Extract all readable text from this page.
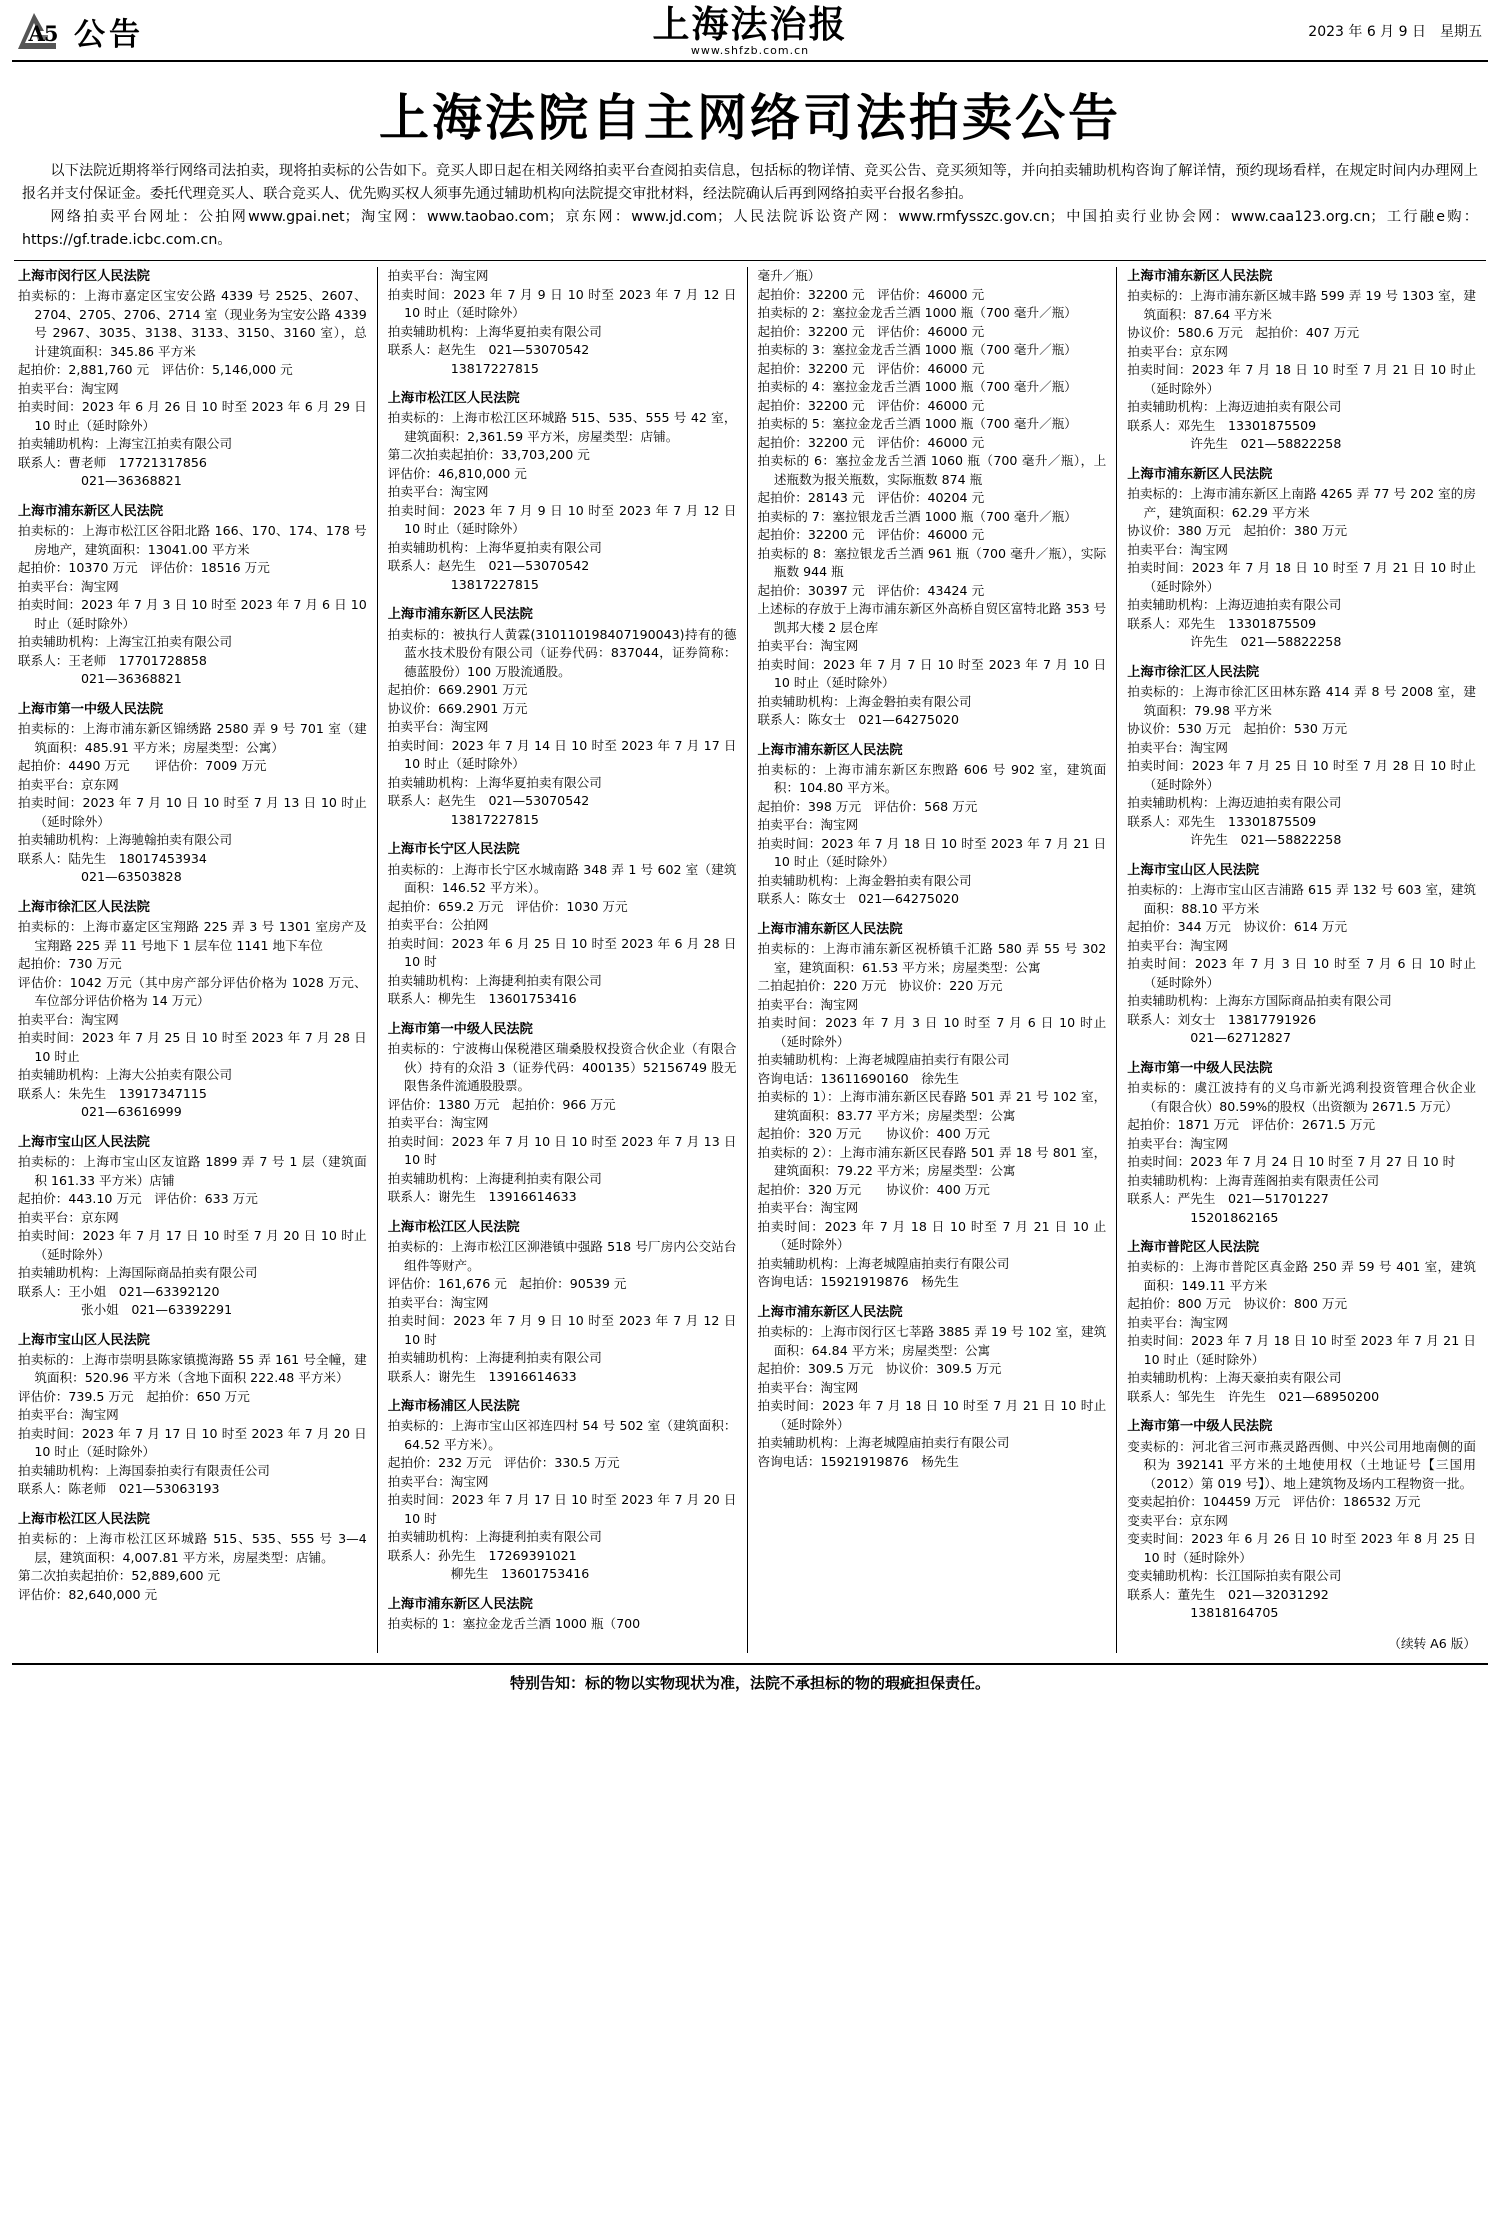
A5 公告	上海法治报
www.shfzb.com.cn
2023 年 6 月 9 日　星期五
上海法院自主网络司法拍卖公告

以下法院近期将举行网络司法拍卖，现将拍卖标的公告如下。竞买人即日起在相关网络拍卖平台查阅拍卖信息，包括标的物详情、竞买公告、竞买须知等，并向拍卖辅助机构咨询了解详情，预约现场看样，在规定时间内办理网上报名并支付保证金。委托代理竞买人、联合竞买人、优先购买权人须事先通过辅助机构向法院提交审批材料，经法院确认后再到网络拍卖平台报名参拍。

网络拍卖平台网址：公拍网www.gpai.net；淘宝网：www.taobao.com；京东网：www.jd.com；人民法院诉讼资产网：www.rmfysszc.gov.cn；中国拍卖行业协会网：www.caa123.org.cn；工行融e购：https://gf.trade.icbc.com.cn。

上海市闵行区人民法院

拍卖标的：上海市嘉定区宝安公路 4339 号 2525、2607、2704、2705、2706、2714 室（现业务为宝安公路 4339 号 2967、3035、3138、3133、3150、3160 室），总计建筑面积：345.86 平方米

起拍价：2,881,760 元　评估价：5,146,000 元

拍卖平台：淘宝网

拍卖时间：2023 年 6 月 26 日 10 时至 2023 年 6 月 29 日 10 时止（延时除外）

拍卖辅助机构：上海宝江拍卖有限公司

联系人：曹老师　17721317856

　　　　　021—36368821

上海市浦东新区人民法院

拍卖标的：上海市松江区谷阳北路 166、170、174、178 号房地产，建筑面积：13041.00 平方米

起拍价：10370 万元　评估价：18516 万元

拍卖平台：淘宝网

拍卖时间：2023 年 7 月 3 日 10 时至 2023 年 7 月 6 日 10 时止（延时除外）

拍卖辅助机构：上海宝江拍卖有限公司

联系人：王老师　17701728858

　　　　　021—36368821

上海市第一中级人民法院

拍卖标的：上海市浦东新区锦绣路 2580 弄 9 号 701 室（建筑面积：485.91 平方米；房屋类型：公寓）

起拍价：4490 万元　　评估价：7009 万元

拍卖平台：京东网

拍卖时间：2023 年 7 月 10 日 10 时至 7 月 13 日 10 时止（延时除外）

拍卖辅助机构：上海驰翰拍卖有限公司

联系人：陆先生　18017453934

　　　　　021—63503828

上海市徐汇区人民法院

拍卖标的：上海市嘉定区宝翔路 225 弄 3 号 1301 室房产及宝翔路 225 弄 11 号地下 1 层车位 1141 地下车位

起拍价：730 万元

评估价：1042 万元（其中房产部分评估价格为 1028 万元、车位部分评估价格为 14 万元）

拍卖平台：淘宝网

拍卖时间：2023 年 7 月 25 日 10 时至 2023 年 7 月 28 日 10 时止

拍卖辅助机构：上海大公拍卖有限公司

联系人：朱先生　13917347115

　　　　　021—63616999

上海市宝山区人民法院

拍卖标的：上海市宝山区友谊路 1899 弄 7 号 1 层（建筑面积 161.33 平方米）店铺

起拍价：443.10 万元　评估价：633 万元

拍卖平台：京东网

拍卖时间：2023 年 7 月 17 日 10 时至 7 月 20 日 10 时止（延时除外）

拍卖辅助机构：上海国际商品拍卖有限公司

联系人：王小姐　021—63392120

　　　　　张小姐　021—63392291

上海市宝山区人民法院

拍卖标的：上海市崇明县陈家镇揽海路 55 弄 161 号全幢，建筑面积：520.96 平方米（含地下面积 222.48 平方米）

评估价：739.5 万元　起拍价：650 万元

拍卖平台：淘宝网

拍卖时间：2023 年 7 月 17 日 10 时至 2023 年 7 月 20 日 10 时止（延时除外）

拍卖辅助机构：上海国泰拍卖行有限责任公司

联系人：陈老师　021—53063193

上海市松江区人民法院

拍卖标的：上海市松江区环城路 515、535、555 号 3—4 层，建筑面积：4,007.81 平方米，房屋类型：店铺。

第二次拍卖起拍价：52,889,600 元

评估价：82,640,000 元

拍卖平台：淘宝网

拍卖时间：2023 年 7 月 9 日 10 时至 2023 年 7 月 12 日 10 时止（延时除外）

拍卖辅助机构：上海华夏拍卖有限公司

联系人：赵先生　021—53070542

　　　　　13817227815

上海市松江区人民法院

拍卖标的：上海市松江区环城路 515、535、555 号 42 室，建筑面积：2,361.59 平方米，房屋类型：店铺。

第二次拍卖起拍价：33,703,200 元

评估价：46,810,000 元

拍卖平台：淘宝网

拍卖时间：2023 年 7 月 9 日 10 时至 2023 年 7 月 12 日 10 时止（延时除外）

拍卖辅助机构：上海华夏拍卖有限公司

联系人：赵先生　021—53070542

　　　　　13817227815

上海市浦东新区人民法院

拍卖标的：被执行人黄霖(310110198407190043)持有的德蓝水技术股份有限公司（证券代码：837044，证券简称：德蓝股份）100 万股流通股。

起拍价：669.2901 万元

协议价：669.2901 万元

拍卖平台：淘宝网

拍卖时间：2023 年 7 月 14 日 10 时至 2023 年 7 月 17 日 10 时止（延时除外）

拍卖辅助机构：上海华夏拍卖有限公司

联系人：赵先生　021—53070542

　　　　　13817227815

上海市长宁区人民法院

拍卖标的：上海市长宁区水城南路 348 弄 1 号 602 室（建筑面积：146.52 平方米）。

起拍价：659.2 万元　评估价：1030 万元

拍卖平台：公拍网

拍卖时间：2023 年 6 月 25 日 10 时至 2023 年 6 月 28 日 10 时

拍卖辅助机构：上海捷利拍卖有限公司

联系人：柳先生　13601753416

上海市第一中级人民法院

拍卖标的：宁波梅山保税港区瑞桑股权投资合伙企业（有限合伙）持有的众沿 3（证券代码：400135）52156749 股无限售条件流通股股票。

评估价：1380 万元　起拍价：966 万元

拍卖平台：淘宝网

拍卖时间：2023 年 7 月 10 日 10 时至 2023 年 7 月 13 日 10 时

拍卖辅助机构：上海捷利拍卖有限公司

联系人：谢先生　13916614633

上海市松江区人民法院

拍卖标的：上海市松江区泖港镇中强路 518 号厂房内公交站台组件等财产。

评估价：161,676 元　起拍价：90539 元

拍卖平台：淘宝网

拍卖时间：2023 年 7 月 9 日 10 时至 2023 年 7 月 12 日 10 时

拍卖辅助机构：上海捷利拍卖有限公司

联系人：谢先生　13916614633

上海市杨浦区人民法院

拍卖标的：上海市宝山区祁连四村 54 号 502 室（建筑面积：64.52 平方米）。

起拍价：232 万元　评估价：330.5 万元

拍卖平台：淘宝网

拍卖时间：2023 年 7 月 17 日 10 时至 2023 年 7 月 20 日 10 时

拍卖辅助机构：上海捷利拍卖有限公司

联系人：孙先生　17269391021

　　　　　柳先生　13601753416

上海市浦东新区人民法院

拍卖标的 1：塞拉金龙舌兰酒 1000 瓶（700

毫升／瓶）

起拍价：32200 元　评估价：46000 元

拍卖标的 2：塞拉金龙舌兰酒 1000 瓶（700 毫升／瓶）

起拍价：32200 元　评估价：46000 元

拍卖标的 3：塞拉金龙舌兰酒 1000 瓶（700 毫升／瓶）

起拍价：32200 元　评估价：46000 元

拍卖标的 4：塞拉金龙舌兰酒 1000 瓶（700 毫升／瓶）

起拍价：32200 元　评估价：46000 元

拍卖标的 5：塞拉金龙舌兰酒 1000 瓶（700 毫升／瓶）

起拍价：32200 元　评估价：46000 元

拍卖标的 6：塞拉金龙舌兰酒 1060 瓶（700 毫升／瓶），上述瓶数为报关瓶数，实际瓶数 874 瓶

起拍价：28143 元　评估价：40204 元

拍卖标的 7：塞拉银龙舌兰酒 1000 瓶（700 毫升／瓶）

起拍价：32200 元　评估价：46000 元

拍卖标的 8：塞拉银龙舌兰酒 961 瓶（700 毫升／瓶），实际瓶数 944 瓶

起拍价：30397 元　评估价：43424 元

上述标的存放于上海市浦东新区外高桥自贸区富特北路 353 号凯邦大楼 2 层仓库

拍卖平台：淘宝网

拍卖时间：2023 年 7 月 7 日 10 时至 2023 年 7 月 10 日 10 时止（延时除外）

拍卖辅助机构：上海金磐拍卖有限公司

联系人：陈女士　021—64275020

上海市浦东新区人民法院

拍卖标的：上海市浦东新区东煦路 606 号 902 室，建筑面积：104.80 平方米。

起拍价：398 万元　评估价：568 万元

拍卖平台：淘宝网

拍卖时间：2023 年 7 月 18 日 10 时至 2023 年 7 月 21 日 10 时止（延时除外）

拍卖辅助机构：上海金磐拍卖有限公司

联系人：陈女士　021—64275020

上海市浦东新区人民法院

拍卖标的：上海市浦东新区祝桥镇千汇路 580 弄 55 号 302 室，建筑面积：61.53 平方米；房屋类型：公寓

二拍起拍价：220 万元　协议价：220 万元

拍卖平台：淘宝网

拍卖时间：2023 年 7 月 3 日 10 时至 7 月 6 日 10 时止（延时除外）

拍卖辅助机构：上海老城隍庙拍卖行有限公司

咨询电话：13611690160　徐先生

拍卖标的 1）：上海市浦东新区民春路 501 弄 21 号 102 室，建筑面积：83.77 平方米；房屋类型：公寓

起拍价：320 万元　　协议价：400 万元

拍卖标的 2）：上海市浦东新区民春路 501 弄 18 号 801 室，建筑面积：79.22 平方米；房屋类型：公寓

起拍价：320 万元　　协议价：400 万元

拍卖平台：淘宝网

拍卖时间：2023 年 7 月 18 日 10 时至 7 月 21 日 10 止（延时除外）

拍卖辅助机构：上海老城隍庙拍卖行有限公司

咨询电话：15921919876　杨先生

上海市浦东新区人民法院

拍卖标的：上海市闵行区七莘路 3885 弄 19 号 102 室，建筑面积：64.84 平方米；房屋类型：公寓

起拍价：309.5 万元　协议价：309.5 万元

拍卖平台：淘宝网

拍卖时间：2023 年 7 月 18 日 10 时至 7 月 21 日 10 时止（延时除外）

拍卖辅助机构：上海老城隍庙拍卖行有限公司

咨询电话：15921919876　杨先生

上海市浦东新区人民法院

拍卖标的：上海市浦东新区城丰路 599 弄 19 号 1303 室，建筑面积：87.64 平方米

协议价：580.6 万元　起拍价：407 万元

拍卖平台：京东网

拍卖时间：2023 年 7 月 18 日 10 时至 7 月 21 日 10 时止（延时除外）

拍卖辅助机构：上海迈迪拍卖有限公司

联系人：邓先生　13301875509

　　　　　许先生　021—58822258

上海市浦东新区人民法院

拍卖标的：上海市浦东新区上南路 4265 弄 77 号 202 室的房产，建筑面积：62.29 平方米

协议价：380 万元　起拍价：380 万元

拍卖平台：淘宝网

拍卖时间：2023 年 7 月 18 日 10 时至 7 月 21 日 10 时止（延时除外）

拍卖辅助机构：上海迈迪拍卖有限公司

联系人：邓先生　13301875509

　　　　　许先生　021—58822258

上海市徐汇区人民法院

拍卖标的：上海市徐汇区田林东路 414 弄 8 号 2008 室，建筑面积：79.98 平方米

协议价：530 万元　起拍价：530 万元

拍卖平台：淘宝网

拍卖时间：2023 年 7 月 25 日 10 时至 7 月 28 日 10 时止（延时除外）

拍卖辅助机构：上海迈迪拍卖有限公司

联系人：邓先生　13301875509

　　　　　许先生　021—58822258

上海市宝山区人民法院

拍卖标的：上海市宝山区吉浦路 615 弄 132 号 603 室，建筑面积：88.10 平方米

起拍价：344 万元　协议价：614 万元

拍卖平台：淘宝网

拍卖时间：2023 年 7 月 3 日 10 时至 7 月 6 日 10 时止（延时除外）

拍卖辅助机构：上海东方国际商品拍卖有限公司

联系人：刘女士　13817791926

　　　　　021—62712827

上海市第一中级人民法院

拍卖标的：虞江波持有的义乌市新光鸿利投资管理合伙企业（有限合伙）80.59%的股权（出资额为 2671.5 万元）

起拍价：1871 万元　评估价：2671.5 万元

拍卖平台：淘宝网

拍卖时间：2023 年 7 月 24 日 10 时至 7 月 27 日 10 时

拍卖辅助机构：上海青莲阁拍卖有限责任公司

联系人：严先生　021—51701227

　　　　　15201862165

上海市普陀区人民法院

拍卖标的：上海市普陀区真金路 250 弄 59 号 401 室，建筑面积：149.11 平方米

起拍价：800 万元　协议价：800 万元

拍卖平台：淘宝网

拍卖时间：2023 年 7 月 18 日 10 时至 2023 年 7 月 21 日 10 时止（延时除外）

拍卖辅助机构：上海天豪拍卖有限公司

联系人：邹先生　许先生　021—68950200

上海市第一中级人民法院

变卖标的：河北省三河市燕灵路西侧、中兴公司用地南侧的面积为 392141 平方米的土地使用权（土地证号【三国用（2012）第 019 号】）、地上建筑物及场内工程物资一批。

变卖起拍价：104459 万元　评估价：186532 万元

变卖平台：京东网

变卖时间：2023 年 6 月 26 日 10 时至 2023 年 8 月 25 日 10 时（延时除外）

变卖辅助机构：长江国际拍卖有限公司

联系人：董先生　021—32031292

　　　　　13818164705

（续转 A6 版）
特别告知：标的物以实物现状为准，法院不承担标的物的瑕疵担保责任。
